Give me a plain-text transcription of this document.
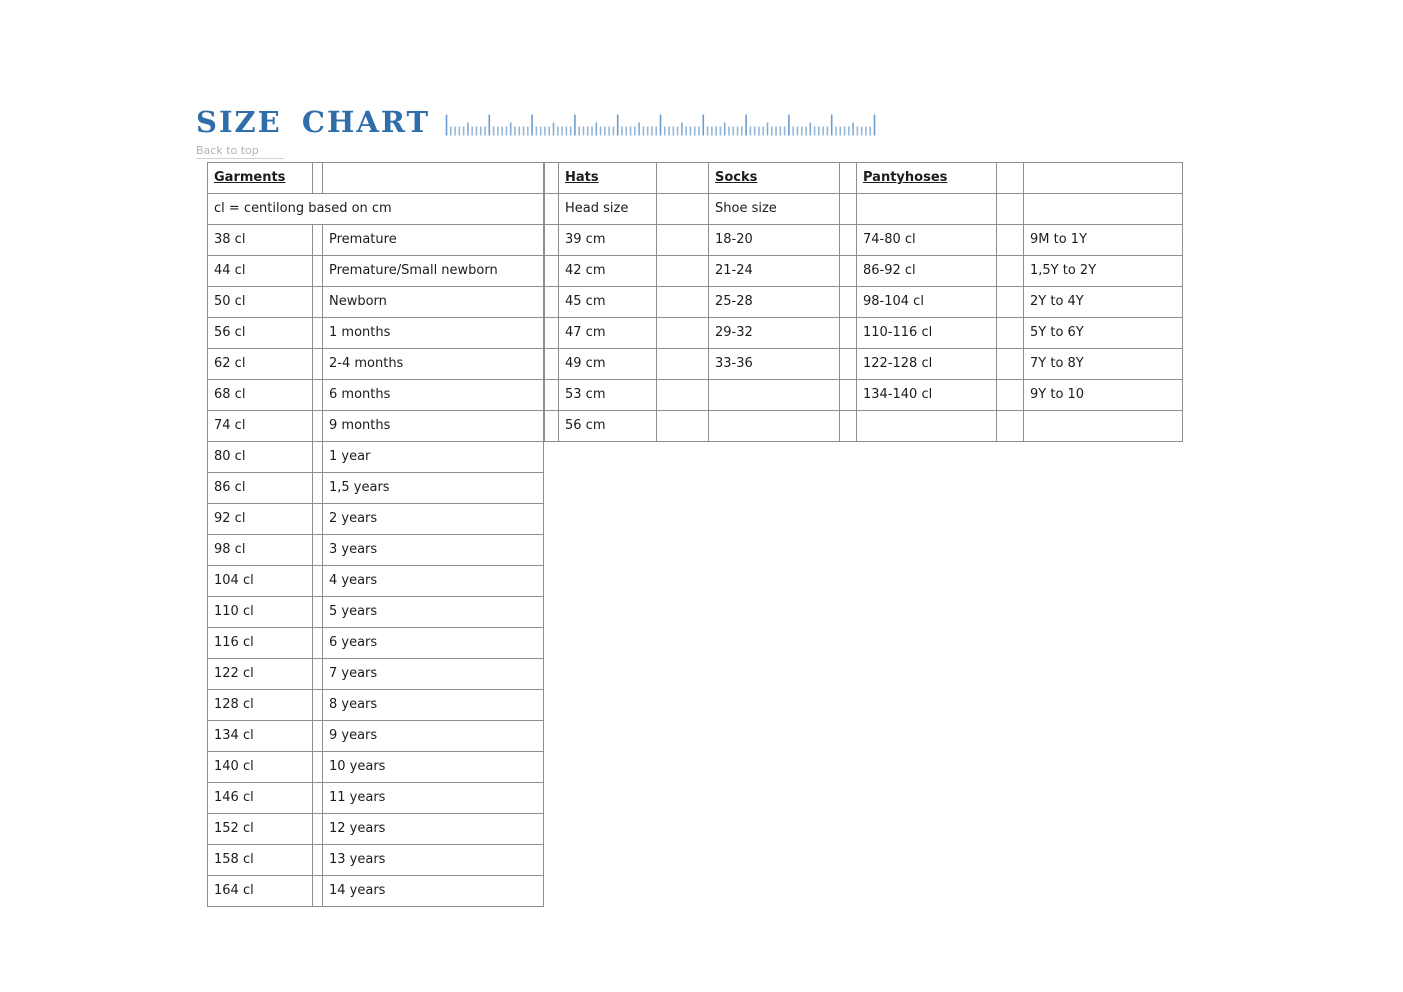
SIZE CHART
Back to top
Garments		
cl = centilong based on cm		
38 cl		Premature
44 cl		Premature/Small newborn
50 cl		Newborn
56 cl		1 months
62 cl		2-4 months
68 cl		6 months
74 cl		9 months
80 cl		1 year
86 cl		1,5 years
92 cl		2 years
98 cl		3 years
104 cl		4 years
110 cl		5 years
116 cl		6 years
122 cl		7 years
128 cl		8 years
134 cl		9 years
140 cl		10 years
146 cl		11 years
152 cl		12 years
158 cl		13 years
164 cl		14 years
	Hats		Socks		Pantyhoses		
	Head size		Shoe size				
	39 cm		18-20		74-80 cl		9M to 1Y
	42 cm		21-24		86-92 cl		1,5Y to 2Y
	45 cm		25-28		98-104 cl		2Y to 4Y
	47 cm		29-32		110-116 cl		5Y to 6Y
	49 cm		33-36		122-128 cl		7Y to 8Y
	53 cm				134-140 cl		9Y to 10
	56 cm						
